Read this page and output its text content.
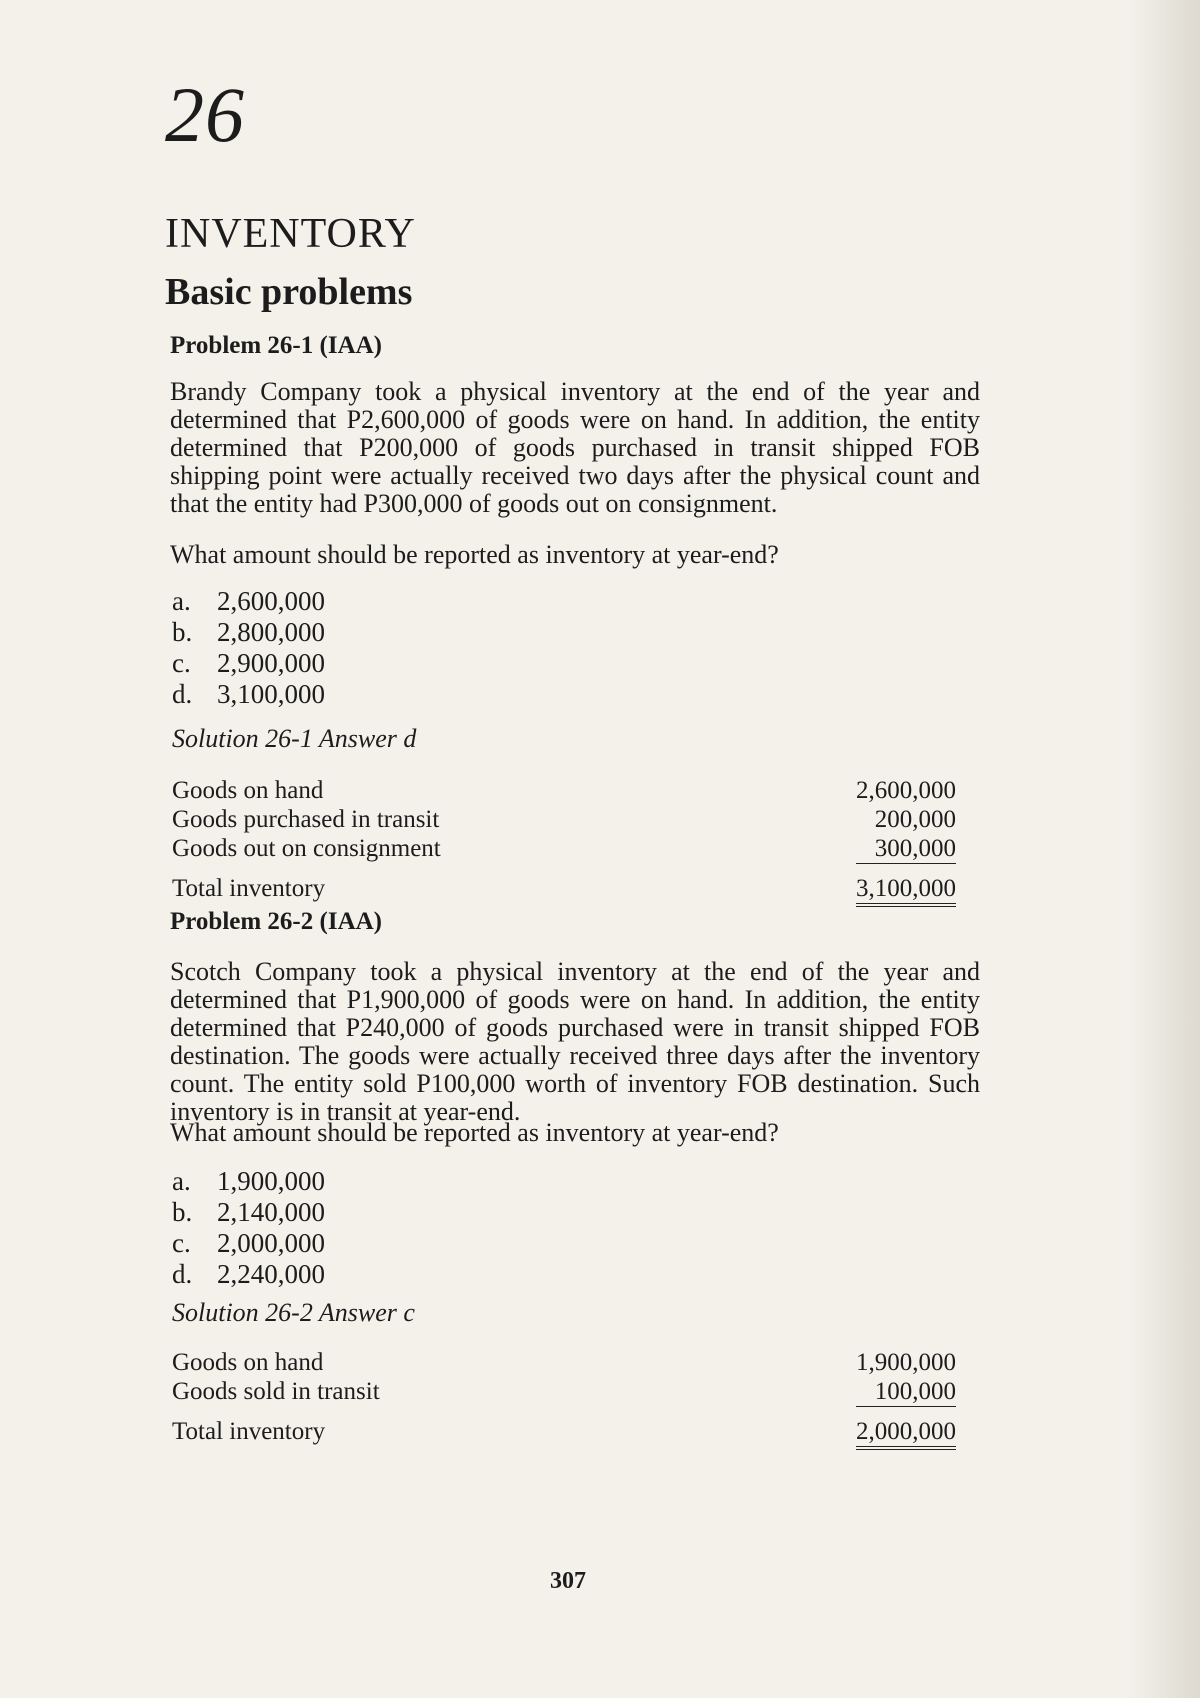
26
INVENTORY
Basic problems
Problem 26-1 (IAA)
Brandy Company took a physical inventory at the end of the year and determined that P2,600,000 of goods were on hand. In addition, the entity determined that P200,000 of goods purchased in transit shipped FOB shipping point were actually received two days after the physical count and that the entity had P300,000 of goods out on consignment.
What amount should be reported as inventory at year-end?
a. 2,600,000
b. 2,800,000
c. 2,900,000
d. 3,100,000
Solution 26-1 Answer d
Goods on hand	2,600,000
Goods purchased in transit	200,000
Goods out on consignment	300,000
Total inventory	3,100,000
Problem 26-2 (IAA)
Scotch Company took a physical inventory at the end of the year and determined that P1,900,000 of goods were on hand. In addition, the entity determined that P240,000 of goods purchased were in transit shipped FOB destination. The goods were actually received three days after the inventory count. The entity sold P100,000 worth of inventory FOB destination. Such inventory is in transit at year-end.
What amount should be reported as inventory at year-end?
a. 1,900,000
b. 2,140,000
c. 2,000,000
d. 2,240,000
Solution 26-2 Answer c
Goods on hand	1,900,000
Goods sold in transit	100,000
Total inventory	2,000,000
307
